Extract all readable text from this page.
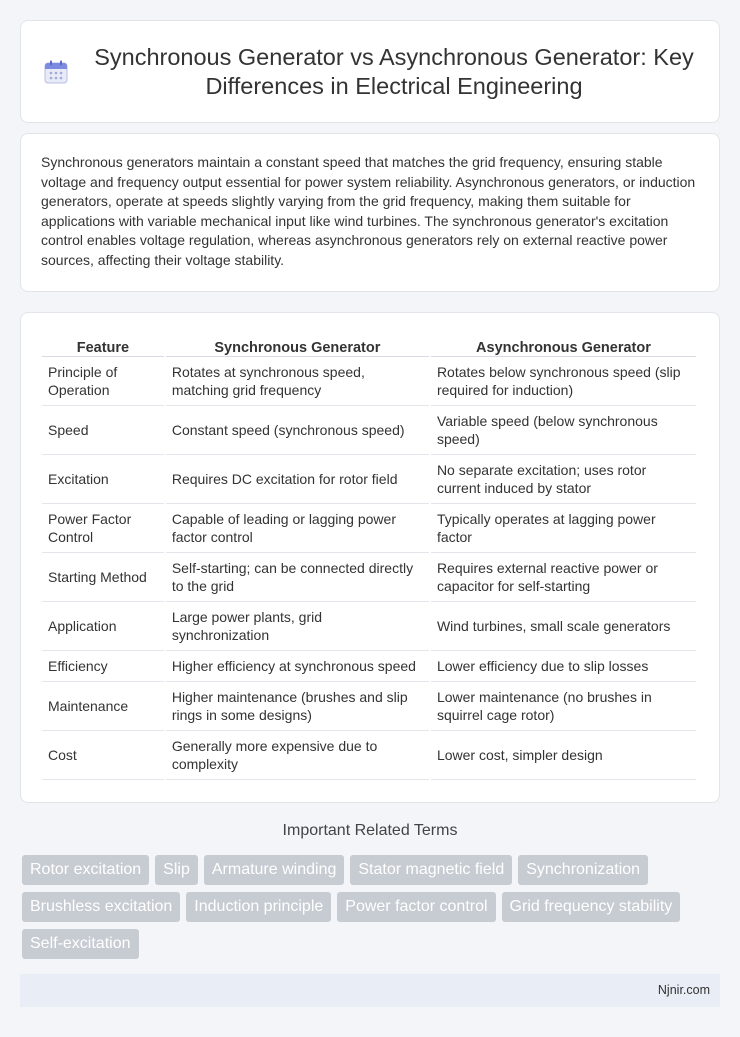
Synchronous Generator vs Asynchronous Generator: Key Differences in Electrical Engineering

Synchronous generators maintain a constant speed that matches the grid frequency, ensuring stable voltage and frequency output essential for power system reliability. Asynchronous generators, or induction generators, operate at speeds slightly varying from the grid frequency, making them suitable for applications with variable mechanical input like wind turbines. The synchronous generator's excitation control enables voltage regulation, whereas asynchronous generators rely on external reactive power sources, affecting their voltage stability.

Feature	Synchronous Generator	Asynchronous Generator
Principle of Operation	Rotates at synchronous speed, matching grid frequency	Rotates below synchronous speed (slip required for induction)
Speed	Constant speed (synchronous speed)	Variable speed (below synchronous speed)
Excitation	Requires DC excitation for rotor field	No separate excitation; uses rotor current induced by stator
Power Factor Control	Capable of leading or lagging power factor control	Typically operates at lagging power factor
Starting Method	Self-starting; can be connected directly to the grid	Requires external reactive power or capacitor for self-starting
Application	Large power plants, grid synchronization	Wind turbines, small scale generators
Efficiency	Higher efficiency at synchronous speed	Lower efficiency due to slip losses
Maintenance	Higher maintenance (brushes and slip rings in some designs)	Lower maintenance (no brushes in squirrel cage rotor)
Cost	Generally more expensive due to complexity	Lower cost, simpler design
Important Related Terms
Rotor excitation	Slip	Armature winding	Stator magnetic field	Synchronization
Brushless excitation	Induction principle	Power factor control	Grid frequency stability
Self-excitation
Njnir.com
